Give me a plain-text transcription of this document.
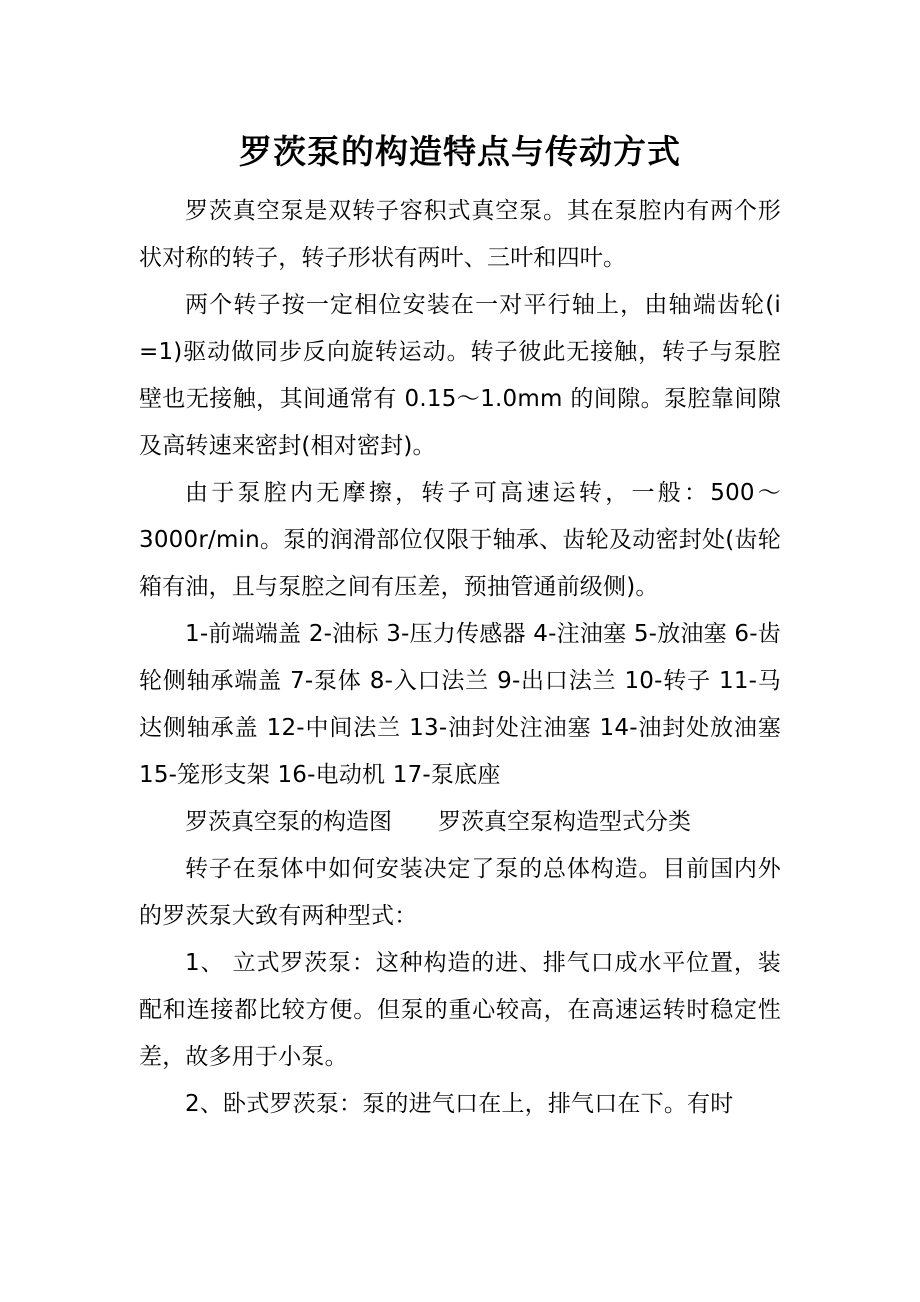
罗茨泵的构造特点与传动方式

罗茨真空泵是双转子容积式真空泵。其在泵腔内有两个形状对称的转子，转子形状有两叶、三叶和四叶。

两个转子按一定相位安装在一对平行轴上，由轴端齿轮(i =1)驱动做同步反向旋转运动。转子彼此无接触，转子与泵腔壁也无接触，其间通常有 0.15～1.0mm 的间隙。泵腔靠间隙及高转速来密封(相对密封)。

由于泵腔内无摩擦，转子可高速运转，一般：500～3000r/min。泵的润滑部位仅限于轴承、齿轮及动密封处(齿轮箱有油，且与泵腔之间有压差，预抽管通前级侧)。

1-前端端盖 2-油标 3-压力传感器 4-注油塞 5-放油塞 6-齿轮侧轴承端盖 7-泵体 8-入口法兰 9-出口法兰 10-转子 11-马达侧轴承盖 12-中间法兰 13-油封处注油塞 14-油封处放油塞 15-笼形支架 16-电动机 17-泵底座

罗茨真空泵的构造图 罗茨真空泵构造型式分类

转子在泵体中如何安装决定了泵的总体构造。目前国内外的罗茨泵大致有两种型式：

1、 立式罗茨泵：这种构造的进、排气口成水平位置，装配和连接都比较方便。但泵的重心较高，在高速运转时稳定性差，故多用于小泵。

2、卧式罗茨泵：泵的进气口在上，排气口在下。有时
